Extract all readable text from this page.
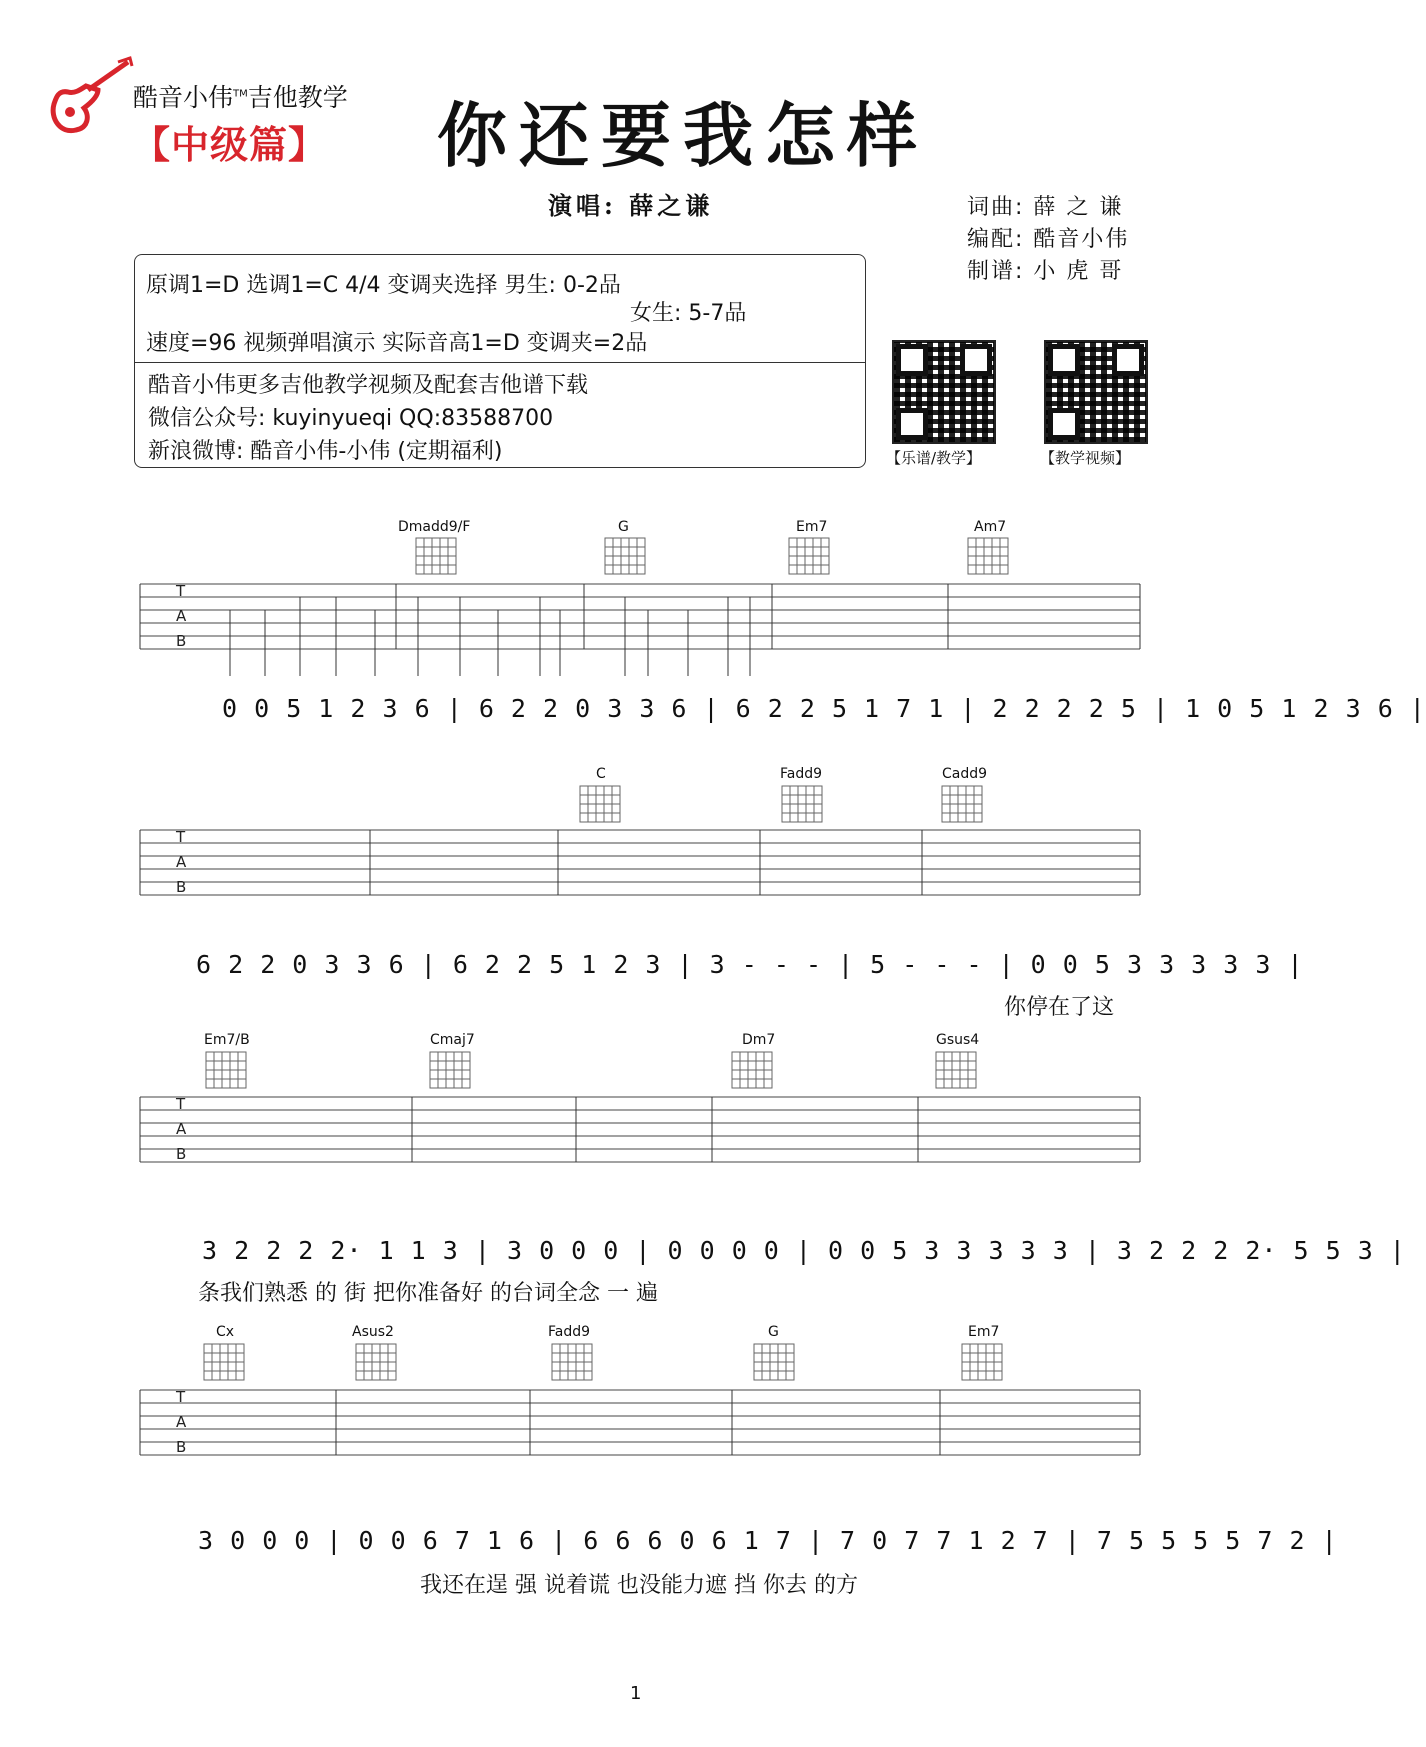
酷音小伟™吉他教学
【中级篇】 你还要我怎样
演唱: 薛之谦	词曲: 薛 之 谦
编配: 酷音小伟
制谱: 小 虎 哥
原调1=D 选调1=C 4/4 变调夹选择 男生: 0-2品
女生: 5-7品
速度=96 视频弹唱演示 实际音高1=D 变调夹=2品
酷音小伟更多吉他教学视频及配套吉他谱下载
微信公众号: kuyinyueqi QQ:83588700
新浪微博: 酷音小伟-小伟 (定期福利)	【乐谱/教学】	【教学视频】
Dmadd9/F	G	Em7	Am7
T
A
B
T
A
B
T
A
B
T
A
B
0 0 5 1 2 3 6 | 6 2 2 0 3 3 6 | 6 2 2 5 1 7 1 | 2 2 2 2 5 | 1 0 5 1 2 3 6 |
C	Fadd9	Cadd9
6 2 2 0 3 3 6 | 6 2 2 5 1 2 3 | 3 - - - | 5 - - - | 0 0 5 3 3 3 3 3 |
你停在了这
Em7/B	Cmaj7	Dm7	Gsus4
3 2 2 2 2· 1 1 3 | 3 0 0 0 | 0 0 0 0 | 0 0 5 3 3 3 3 3 | 3 2 2 2 2· 5 5 3 |
条我们熟悉 的 街 把你准备好 的台词全念 一 遍
Cx	Asus2	Fadd9	G	Em7
3 0 0 0 | 0 0 6 7 1 6 | 6 6 6 0 6 1 7 | 7 0 7 7 1 2 7 | 7 5 5 5 5 7 2 |
我还在逞 强 说着谎 也没能力遮 挡 你去 的方
1
